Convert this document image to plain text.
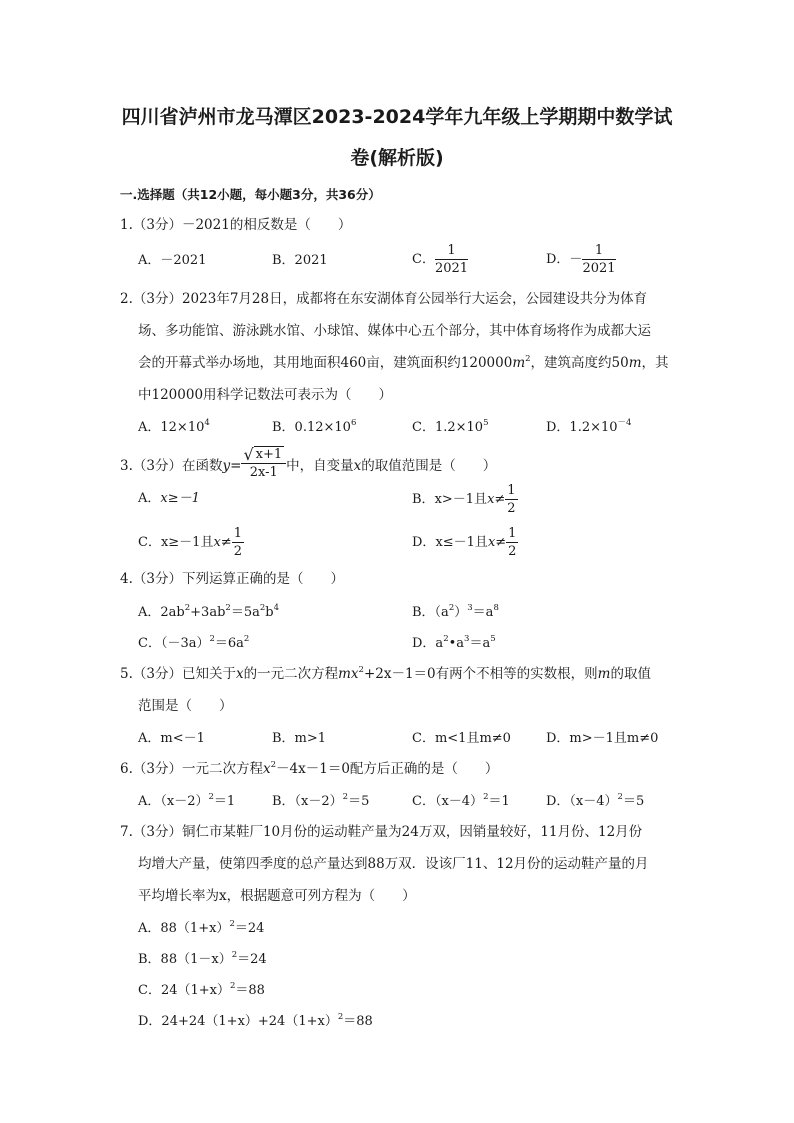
四川省泸州市龙马潭区2023-2024学年九年级上学期期中数学试
卷(解析版)
一.选择题（共12小题，每小题3分，共36分）
1.（3分）－2021的相反数是（　　）
A．－2021	B．2021	C． $\frac{1}{2021}$	D．－ $\frac{1}{2021}$
2.（3分）2023年7月28日，成都将在东安湖体育公园举行大运会，公园建设共分为体育
场、多功能馆、游泳跳水馆、小球馆、媒体中心五个部分，其中体育场将作为成都大运
会的开幕式举办场地，其用地面积460亩，建筑面积约$120000m^2$，建筑高度约50m，其
中120000用科学记数法可表示为（　　）
A．$12\times 10^4$	B．$0.12\times 10^6$	C．$1.2\times 10^5$	D．$1.2\times 10^{-4}$
3.（3分）在函数$y= \frac{√ x+1}{2x-1}$ 中，自变量x的取值范围是（　　）
A．x≥－1	B．x>－1且$x\ne \frac{1}{2}$
C．x≥－1且$x\ne \frac{1}{2}$	D．x≤－1且$x\ne \frac{1}{2}$
4.（3分）下列运算正确的是（　　）
A．$2ab^2+3ab^2=5a^2b^4$	B．$(a^2)^3=a^8$
C．$(-3a)^2=6a^2$	D．$a^2•a^3=a^5$
5.（3分）已知关于x的一元二次方程$mx^2+2x-1=0$有两个不相等的实数根，则m的取值
范围是（　　）
A．m<－1	B．m>1	C．m<1且m≠0	D．m>－1且m≠0
6.（3分）一元二次方程$x^2-4x-1=0$配方后正确的是（　　）
A．$(x-2)^2=1$	B．$(x-2)^2=5$	C．$(x-4)^2=1$	D．$(x-4)^2=5$
7.（3分）铜仁市某鞋厂10月份的运动鞋产量为24万双，因销量较好，11月份、12月份
均增大产量，使第四季度的总产量达到88万双．设该厂11、12月份的运动鞋产量的月
平均增长率为x，根据题意可列方程为（　　）
A．$88(1+x)^2=24$
B．$88(1-x)^2=24$
C．$24(1+x)^2=88$
D．$24+24(1+x)+24(1+x)^2=88$
